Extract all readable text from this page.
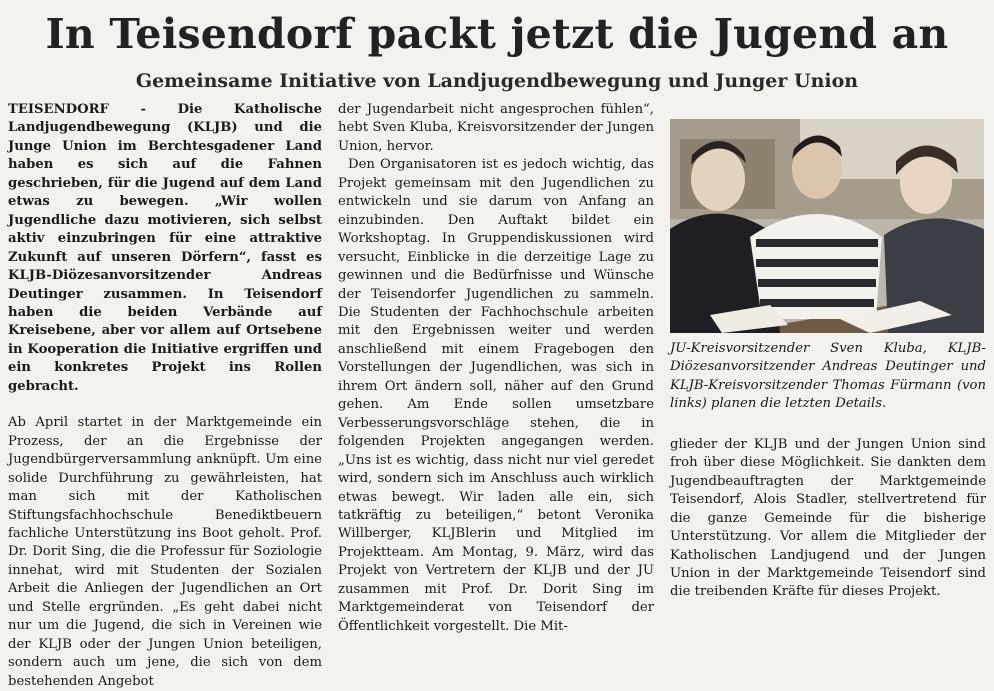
In Teisendorf packt jetzt die Jugend an
Gemeinsame Initiative von Landjugendbewegung und Junger Union

TEISENDORF - Die Katholische Landjugendbewegung (KLJB) und die Junge Union im Berchtesgadener Land haben es sich auf die Fahnen geschrieben, für die Jugend auf dem Land etwas zu bewegen. „Wir wollen Jugendliche dazu motivieren, sich selbst aktiv einzubringen für eine attraktive Zukunft auf unseren Dörfern“, fasst es KLJB-Diözesanvorsitzender Andreas Deutinger zusammen. In Teisendorf haben die beiden Verbände auf Kreisebene, aber vor allem auf Ortsebene in Kooperation die Initiative ergriffen und ein konkretes Projekt ins Rollen gebracht.

Ab April startet in der Marktgemeinde ein Prozess, der an die Ergebnisse der Jugendbürgerversammlung anknüpft. Um eine solide Durchführung zu gewährleisten, hat man sich mit der Katholischen Stiftungsfachhochschule Benediktbeuern fachliche Unterstützung ins Boot geholt. Prof. Dr. Dorit Sing, die die Professur für Soziologie innehat, wird mit Studenten der Sozialen Arbeit die Anliegen der Jugendlichen an Ort und Stelle ergründen. „Es geht dabei nicht nur um die Jugend, die sich in Vereinen wie der KLJB oder der Jungen Union beteiligen, sondern auch um jene, die sich von dem bestehenden Angebot

der Jugendarbeit nicht angesprochen fühlen“, hebt Sven Kluba, Kreisvorsitzender der Jungen Union, hervor.

Den Organisatoren ist es jedoch wichtig, das Projekt gemeinsam mit den Jugendlichen zu entwickeln und sie darum von Anfang an einzubinden. Den Auftakt bildet ein Workshoptag. In Gruppendiskussionen wird versucht, Einblicke in die derzeitige Lage zu gewinnen und die Bedürfnisse und Wünsche der Teisendorfer Jugendlichen zu sammeln. Die Studenten der Fachhochschule arbeiten mit den Ergebnissen weiter und werden anschließend mit einem Fragebogen den Vorstellungen der Jugendlichen, was sich in ihrem Ort ändern soll, näher auf den Grund gehen. Am Ende sollen umsetzbare Verbesserungsvorschläge stehen, die in folgenden Projekten angegangen werden. „Uns ist es wichtig, dass nicht nur viel geredet wird, sondern sich im Anschluss auch wirklich etwas bewegt. Wir laden alle ein, sich tatkräftig zu beteiligen,“ betont Veronika Willberger, KLJBlerin und Mitglied im Projektteam. Am Montag, 9. März, wird das Projekt von Vertretern der KLJB und der JU zusammen mit Prof. Dr. Dorit Sing im Marktgemeinderat von Teisendorf der Öffentlichkeit vorgestellt. Die Mit-

JU-Kreisvorsitzender Sven Kluba, KLJB-Diözesanvorsitzender Andreas Deutinger und KLJB-Kreisvorsitzender Thomas Fürmann (von links) planen die letzten Details.

glieder der KLJB und der Jungen Union sind froh über diese Möglichkeit. Sie dankten dem Jugendbeauftragten der Marktgemeinde Teisendorf, Alois Stadler, stellvertretend für die ganze Gemeinde für die bisherige Unterstützung. Vor allem die Mitglieder der Katholischen Landjugend und der Jungen Union in der Marktgemeinde Teisendorf sind die treibenden Kräfte für dieses Projekt.
